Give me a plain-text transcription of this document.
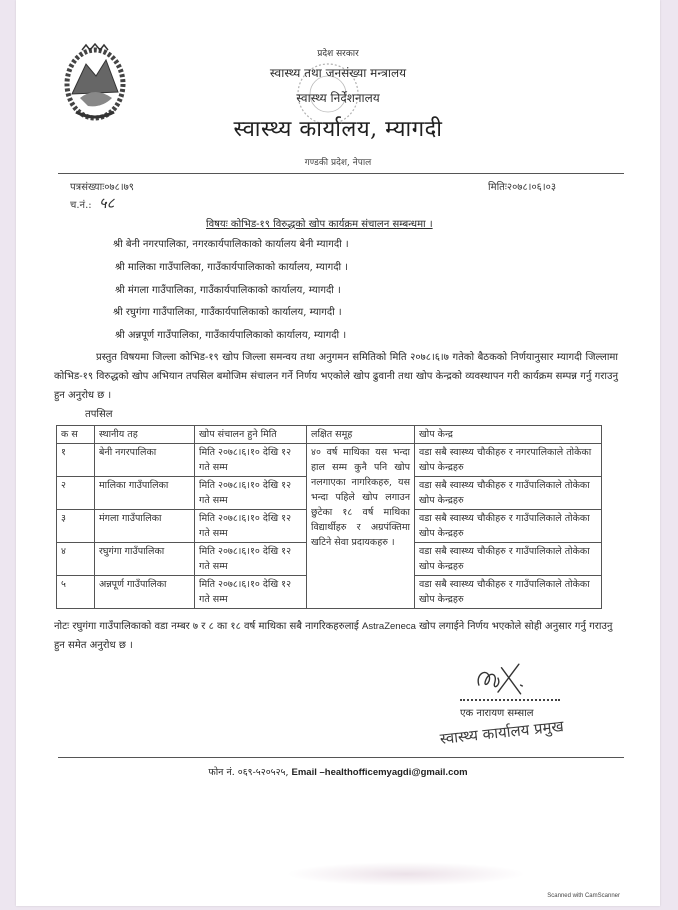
प्रदेश सरकार
स्वास्थ्य तथा जनसंख्या मन्त्रालय
स्वास्थ्य निर्देशनालय
स्वास्थ्य कार्यालय, म्यागदी
गण्डकी प्रदेश, नेपाल
पत्रसंख्याः०७८।७९	मितिः२०७८।०६।०३
च.नं.: ५८
विषयः कोभिड-१९ विरुद्धको खोप कार्यक्रम संचालन सम्बन्धमा ।
श्री बेनी नगरपालिका, नगरकार्यपालिकाको कार्यालय बेनी म्यागदी ।
श्री मालिका गाउँपालिका, गाउँकार्यपालिकाको कार्यालय, म्यागदी ।
श्री मंगला गाउँपालिका, गाउँकार्यपालिकाको कार्यालय, म्यागदी ।
श्री रघुगंगा गाउँपालिका, गाउँकार्यपालिकाको कार्यालय, म्यागदी ।
श्री अन्नपूर्ण गाउँपालिका, गाउँकार्यपालिकाको कार्यालय, म्यागदी ।
प्रस्तुत विषयमा जिल्ला कोभिड-१९ खोप जिल्ला समन्वय तथा अनुगमन समितिको मिति २०७८।६।७ गतेको बैठकको निर्णयानुसार म्यागदी जिल्लामा कोभिड-१९ विरुद्धको खोप अभियान तपसिल बमोजिम संचालन गर्ने निर्णय भएकोले खोप ढुवानी तथा खोप केन्द्रको व्यवस्थापन गरी कार्यक्रम सम्पन्न गर्नु गराउनु हुन अनुरोध छ ।
तपसिल
क स	स्थानीय तह	खोप संचालन हुने मिति	लक्षित समूह	खोप केन्द्र
१	बेनी नगरपालिका	मिति २०७८।६।१० देखि १२ गते सम्म	४० वर्ष माथिका यस भन्दा हाल सम्म कुनै पनि खोप नलगाएका नागरिकहरु, यस भन्दा पहिले खोप लगाउन छुटेका १८ वर्ष माथिका विद्यार्थीहरु र अग्रपंक्तिमा खटिने सेवा प्रदायकहरु ।	वडा सबै स्वास्थ्य चौकीहरु र नगरपालिकाले तोकेका खोप केन्द्रहरु
२	मालिका गाउँपालिका	मिति २०७८।६।१० देखि १२ गते सम्म		वडा सबै स्वास्थ्य चौकीहरु र गाउँपालिकाले तोकेका खोप केन्द्रहरु
३	मंगला गाउँपालिका	मिति २०७८।६।१० देखि १२ गते सम्म		वडा सबै स्वास्थ्य चौकीहरु र गाउँपालिकाले तोकेका खोप केन्द्रहरु
४	रघुगंगा गाउँपालिका	मिति २०७८।६।१० देखि १२ गते सम्म		वडा सबै स्वास्थ्य चौकीहरु र गाउँपालिकाले तोकेका खोप केन्द्रहरु
५	अन्नपूर्ण गाउँपालिका	मिति २०७८।६।१० देखि १२ गते सम्म		वडा सबै स्वास्थ्य चौकीहरु र गाउँपालिकाले तोकेका खोप केन्द्रहरु
नोटः रघुगंगा गाउँपालिकाको वडा नम्बर ७ र ८ का १८ वर्ष माथिका सबै नागरिकहरुलाई AstraZeneca खोप लगाईने निर्णय भएकोले सोही अनुसार गर्नु गराउनु हुन समेत अनुरोध छ ।
एक नारायण सम्साल
स्वास्थ्य कार्यालय प्रमुख
फोन नं. ०६९-५२०५२५, Email –healthofficemyagdi@gmail.com
Scanned with CamScanner
